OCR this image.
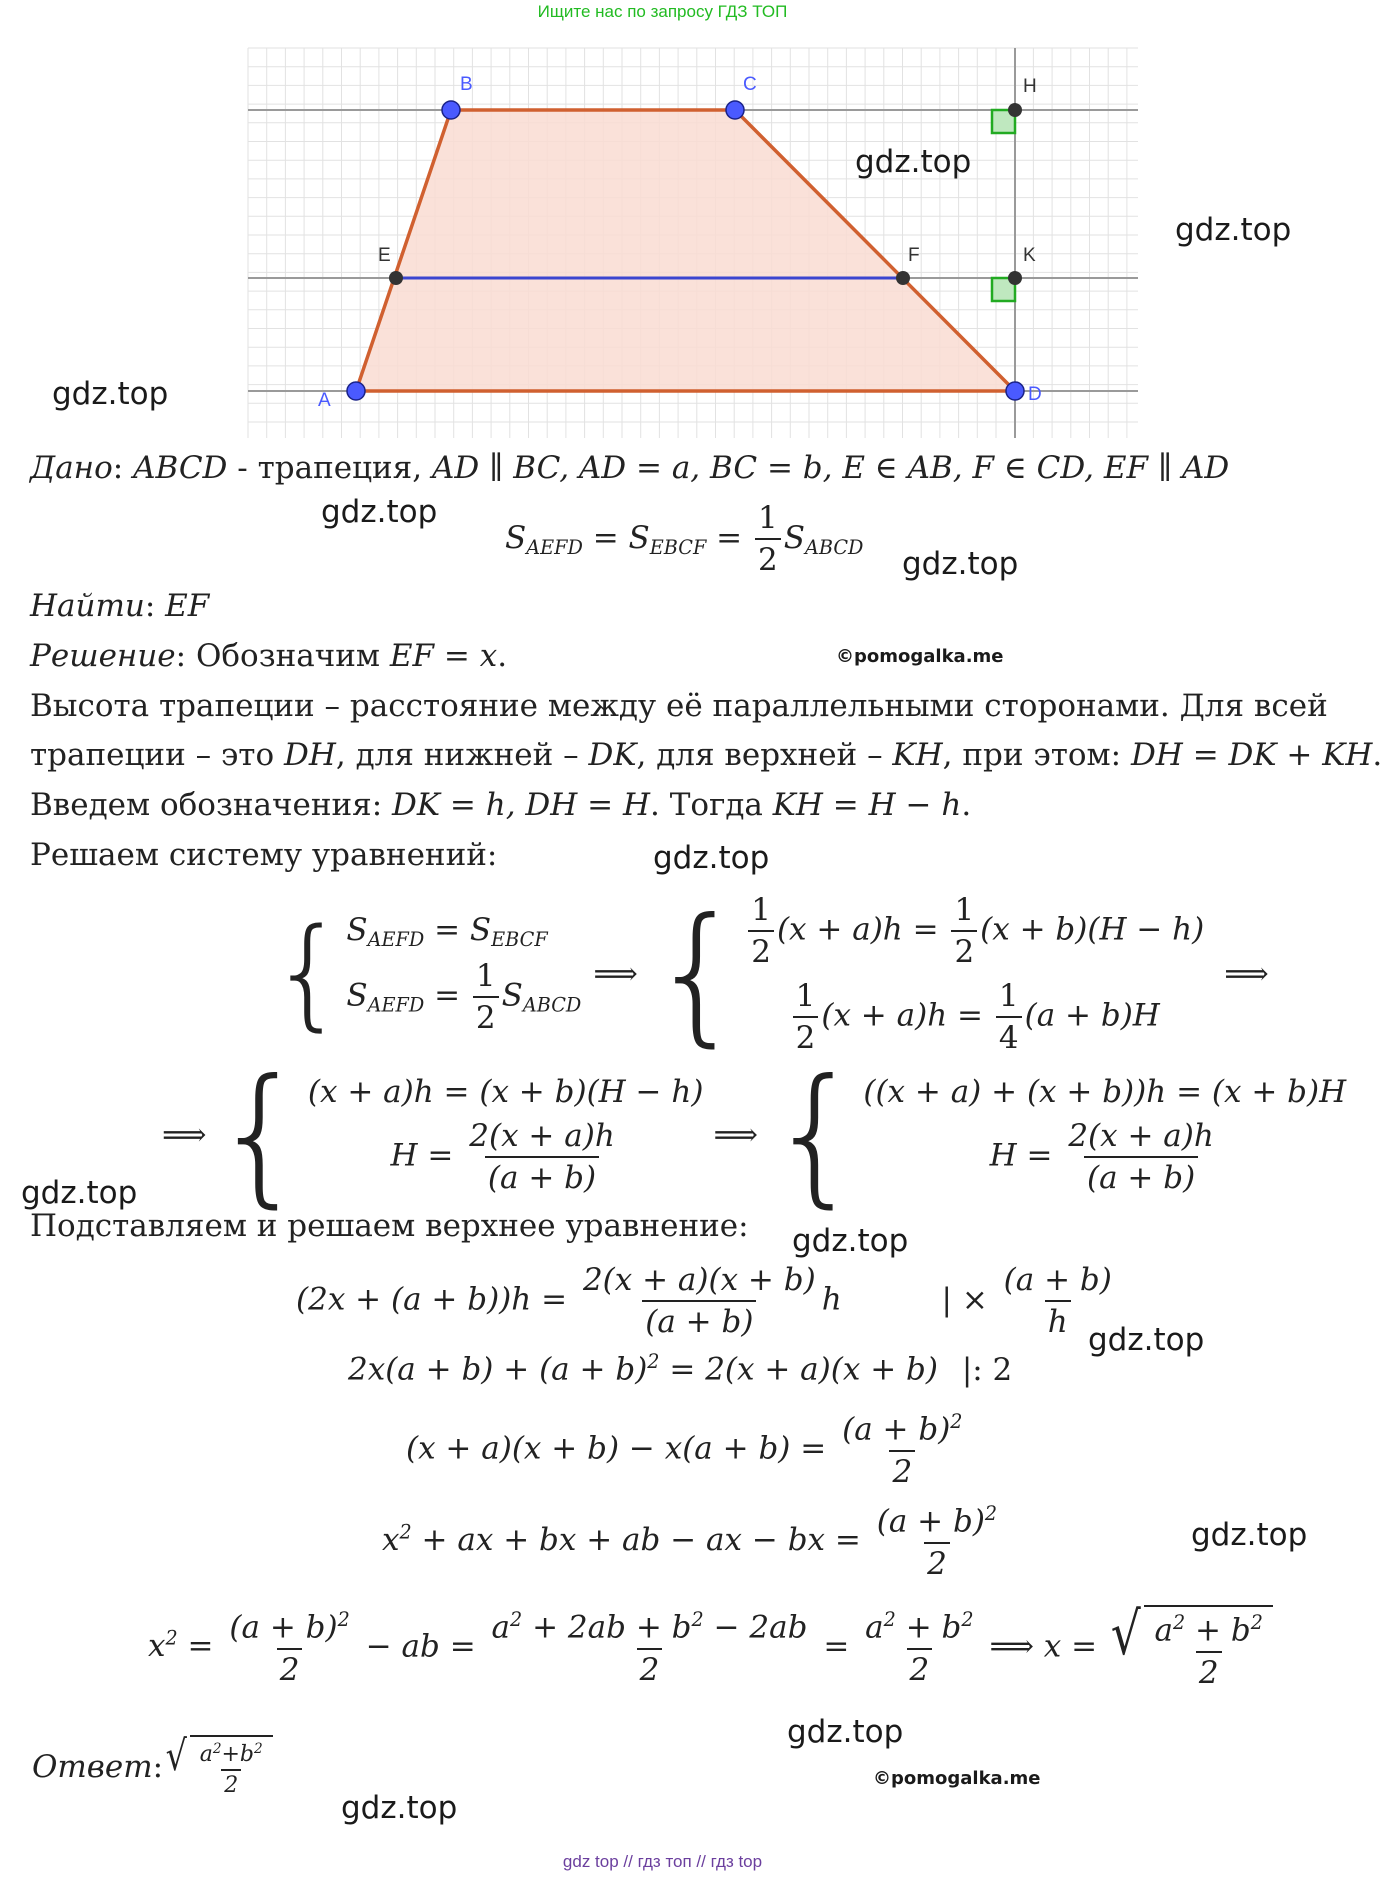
Ищите нас по запросу ГДЗ ТОП
B	C	H
E	F	K
A	D
gdz.top
gdz.top
gdz.top
gdz.top
gdz.top
gdz.top
gdz.top
gdz.top
gdz.top
gdz.top
gdz.top
gdz.top
©pomogalka.me
©pomogalka.me
Дано: ABCD - трапеция, AD ∥ BC, AD = a, BC = b, E ∈ AB, F ∈ CD, EF ∥ AD
$S_{AEFD} = S_{EBCF} = \frac{1}{2} S_{ABCD}$
Найти: EF
Решение: Обозначим EF = x.
Высота трапеции – расстояние между её параллельными сторонами. Для всей
трапеции – это DH, для нижней – DK, для верхней – KH, при этом: DH = DK + KH.
Введем обозначения: DK = h, DH = H. Тогда KH = H − h.
Решаем систему уравнений:
{ $S_{AEFD} = S_{EBCF}$
$S_{AEFD} = \frac{1}{2} S_{ABCD}$
⟹ { $\frac{1}{2} (x + a)h = \frac{1}{2} (x + b)(H - h)$
$\frac{1}{2} (x + a)h = \frac{1}{4} (a + b)H$
⟹
⟹ { (x + a)h = (x + b)(H − h)
$H = \frac{2(x + a)h}{(a + b)}$	⟹ { ((x + a) + (x + b))h = (x + b)H
$H = \frac{2(x + a)h}{(a + b)}$
Подставляем и решаем верхнее уравнение:
$(2x + (a + b))h = \frac{2(x + a)(x + b)}{(a + b)}$ h	| × $\frac{(a + b)}{h}$
$2x(a + b) + (a + b)^2 = 2(x + a)(x + b)$ |: 2
$(x + a)(x + b) - x(a + b) = \frac{(a + b)^2}{2}$
$x^2$ + ax + bx + ab − ax − bx = $\frac{(a + b)^2}{2}$
$x^2 = \frac{(a + b)^2}{2}$ − ab = $\frac{a^2 + 2ab + b^2 - 2ab}{2} = \frac{a^2 + b^2}{2}$ ⟹ x = √ $\frac{a^2 + b^2}{2}$
Ответ : √ $\frac{a^2+b^2}{2}$
gdz top // гдз топ // гдз top
